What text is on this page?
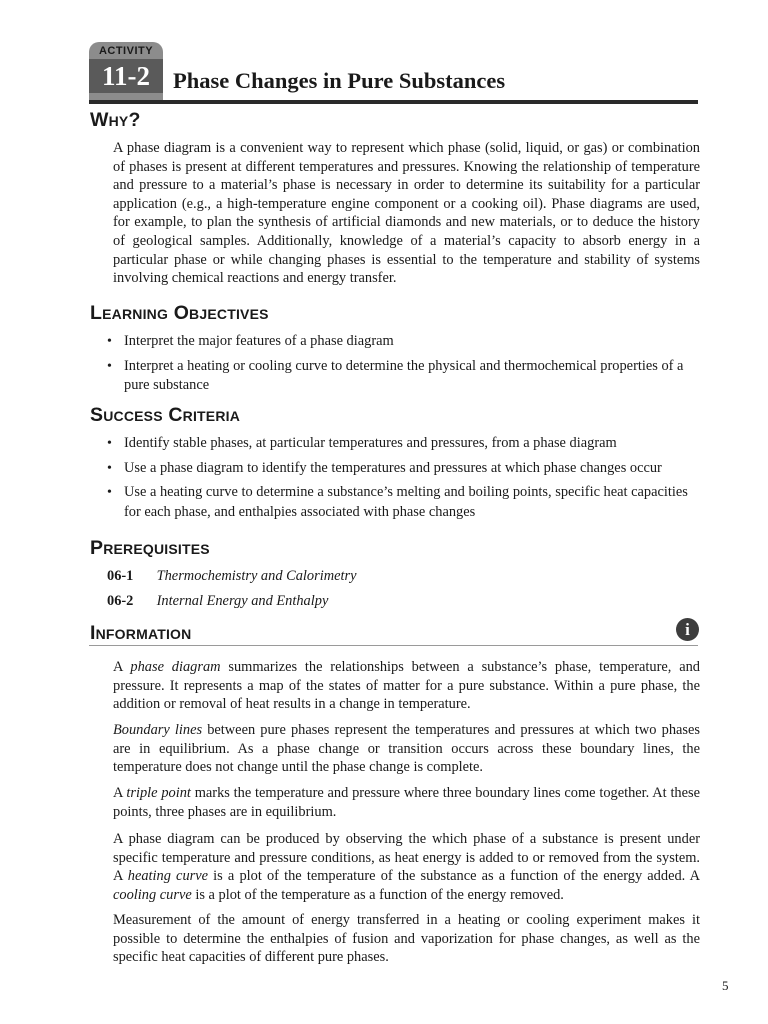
ACTIVITY
11-2	Phase Changes in Pure Substances
Why?

A phase diagram is a convenient way to represent which phase (solid, liquid, or gas) or combination of phases is present at different temperatures and pressures. Knowing the relationship of temperature and pressure to a material’s phase is necessary in order to determine its suitability for a particular application (e.g., a high-temperature engine component or a cooking oil). Phase diagrams are used, for example, to plan the synthesis of artificial diamonds and new materials, or to deduce the history of geological samples. Additionally, knowledge of a material’s capacity to absorb energy in a particular phase or while changing phases is essential to the temperature and stability of systems involving chemical reactions and energy transfer.

Learning Objectives
• Interpret the major features of a phase diagram
• Interpret a heating or cooling curve to determine the physical and thermochemical properties of a pure substance
Success Criteria
• Identify stable phases, at particular temperatures and pressures, from a phase diagram
• Use a phase diagram to identify the temperatures and pressures at which phase changes occur
• Use a heating curve to determine a substance’s melting and boiling points, specific heat capacities for each phase, and enthalpies associated with phase changes
Prerequisites
06-1 Thermochemistry and Calorimetry
06-2 Internal Energy and Enthalpy
Information	i

A phase diagram summarizes the relationships between a substance’s phase, temperature, and pressure. It represents a map of the states of matter for a pure substance. Within a pure phase, the addition or removal of heat results in a change in temperature.

Boundary lines between pure phases represent the temperatures and pressures at which two phases are in equilibrium. As a phase change or transition occurs across these boundary lines, the temperature does not change until the phase change is complete.

A triple point marks the temperature and pressure where three boundary lines come together. At these points, three phases are in equilibrium.

A phase diagram can be produced by observing the which phase of a substance is present under specific temperature and pressure conditions, as heat energy is added to or removed from the system. A heating curve is a plot of the temperature of the substance as a function of the energy added. A cooling curve is a plot of the temperature as a function of the energy removed.

Measurement of the amount of energy transferred in a heating or cooling experiment makes it possible to determine the enthalpies of fusion and vaporization for phase changes, as well as the specific heat capacities of different pure phases.

5
